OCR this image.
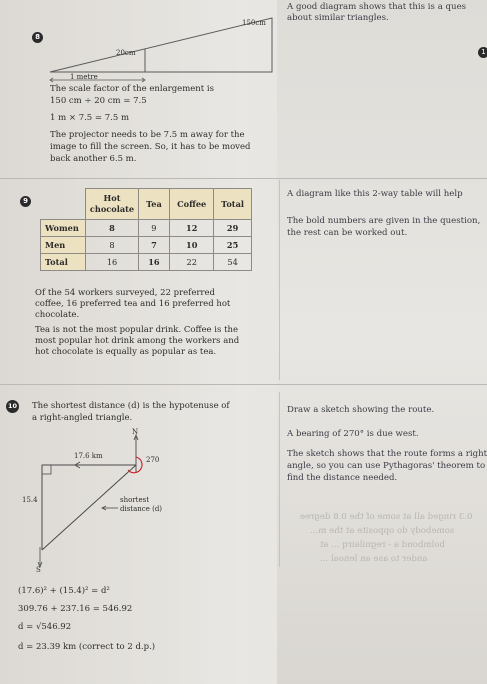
8
150cm
20cm
1 metre
The scale factor of the enlargement is
150 cm ÷ 20 cm = 7.5
1 m × 7.5 = 7.5 m
The projector needs to be 7.5 m away for the
image to fill the screen. So, it has to be moved
back another 6.5 m.
A good diagram shows that this is a ques
about similar triangles.
1
9
		Hot chocolate	Tea	Coffee	Total
Women	8	9	12	29
Men	8	7	10	25
Total	16	16	22	54
Of the 54 workers surveyed, 22 preferred
coffee, 16 preferred tea and 16 preferred hot
chocolate.
Tea is not the most popular drink. Coffee is the
most popular hot drink among the workers and
hot chocolate is equally as popular as tea.
A diagram like this 2-way table will help
The bold numbers are given in the question,
the rest can be worked out.
10 The shortest distance (d) is the hypotenuse of
a right-angled triangle.
N
17.6 km	270
15.4	shortest
distance (d)
S
(17.6)² + (15.4)² = d²
309.76 + 237.16 = 546.92
d = √546.92
d = 23.39 km (correct to 2 d.p.)
Draw a sketch showing the route.
A bearing of 270° is due west.
The sketch shows that the route forms a right
angle, so you can use Pythagoras' theorem to
find the distance needed.
0.3 ringed all at some of the 0.8 degree
somebody do opposite at the m...
bolmbond a - regnilairq ... at
ander to ase an lenoal ...
